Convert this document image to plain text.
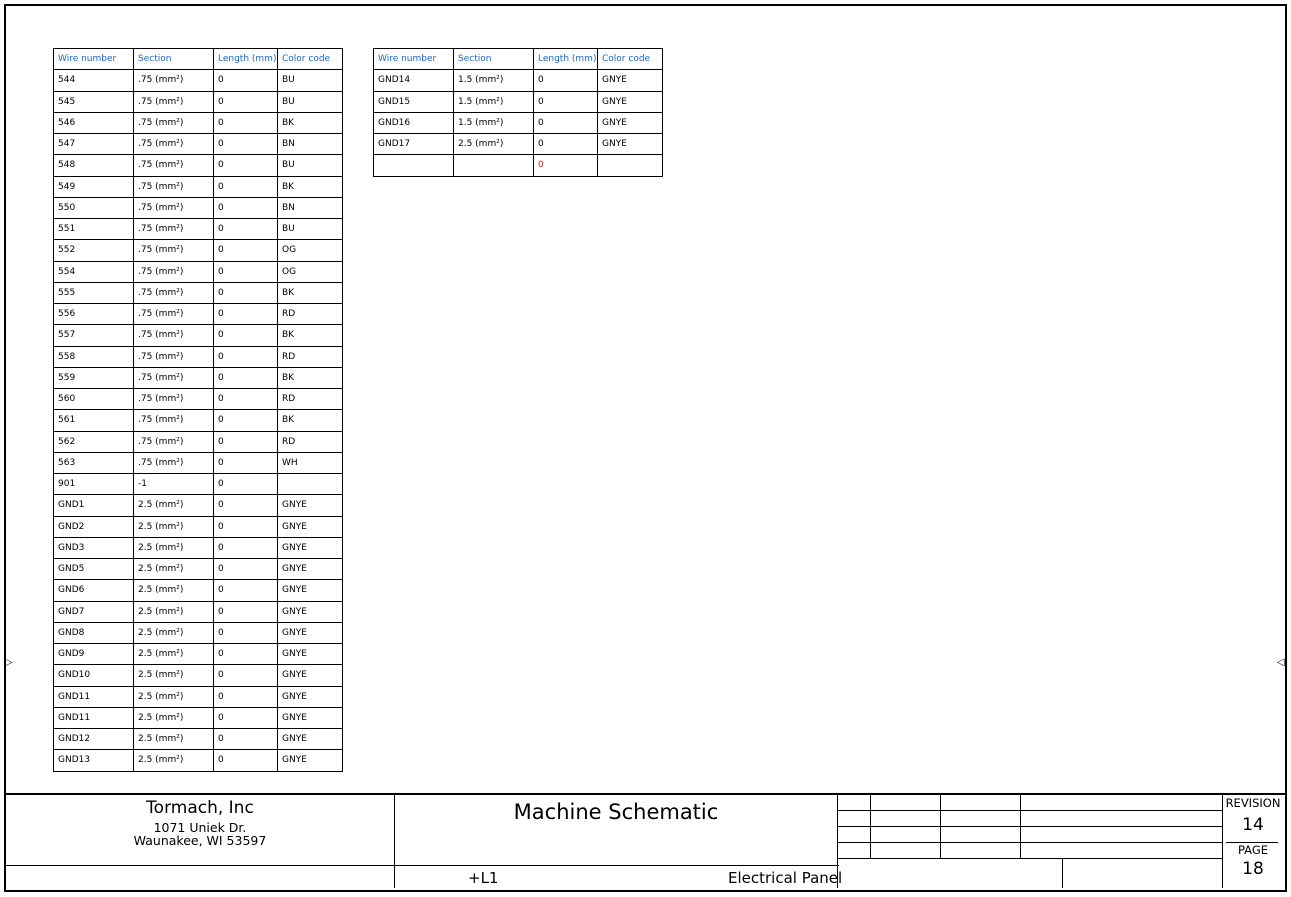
▷	◁
Wire number	Section	Length (mm)	Color code
544	.75 (mm²)	0	BU
545	.75 (mm²)	0	BU
546	.75 (mm²)	0	BK
547	.75 (mm²)	0	BN
548	.75 (mm²)	0	BU
549	.75 (mm²)	0	BK
550	.75 (mm²)	0	BN
551	.75 (mm²)	0	BU
552	.75 (mm²)	0	OG
554	.75 (mm²)	0	OG
555	.75 (mm²)	0	BK
556	.75 (mm²)	0	RD
557	.75 (mm²)	0	BK
558	.75 (mm²)	0	RD
559	.75 (mm²)	0	BK
560	.75 (mm²)	0	RD
561	.75 (mm²)	0	BK
562	.75 (mm²)	0	RD
563	.75 (mm²)	0	WH
901	-1	0	
GND1	2.5 (mm²)	0	GNYE
GND2	2.5 (mm²)	0	GNYE
GND3	2.5 (mm²)	0	GNYE
GND5	2.5 (mm²)	0	GNYE
GND6	2.5 (mm²)	0	GNYE
GND7	2.5 (mm²)	0	GNYE
GND8	2.5 (mm²)	0	GNYE
GND9	2.5 (mm²)	0	GNYE
GND10	2.5 (mm²)	0	GNYE
GND11	2.5 (mm²)	0	GNYE
GND11	2.5 (mm²)	0	GNYE
GND12	2.5 (mm²)	0	GNYE
GND13	2.5 (mm²)	0	GNYE
Wire number	Section	Length (mm)	Color code
GND14	1.5 (mm²)	0	GNYE
GND15	1.5 (mm²)	0	GNYE
GND16	1.5 (mm²)	0	GNYE
GND17	2.5 (mm²)	0	GNYE
		0	
Tormach, Inc
1071 Uniek Dr.
Waunakee, WI 53597
Machine Schematic
+L1	Electrical Panel
REVISION
14
PAGE
18
